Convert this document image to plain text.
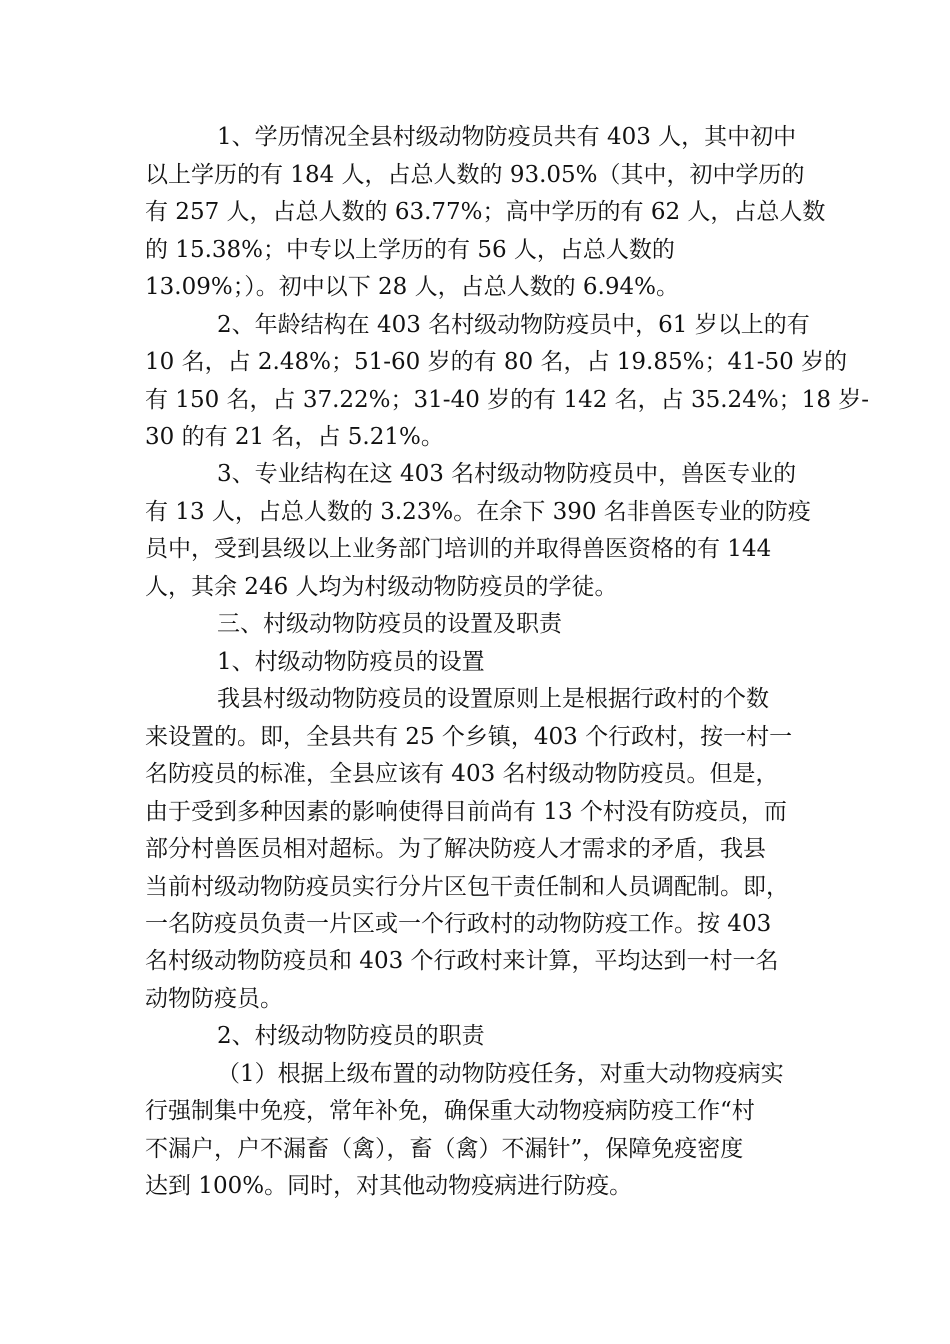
1、学历情况全县村级动物防疫员共有 403 人，其中初中

以上学历的有 184 人，占总人数的 93.05%（其中，初中学历的

有 257 人，占总人数的 63.77%；高中学历的有 62 人，占总人数

的 15.38%；中专以上学历的有 56 人，占总人数的

13.09%；）。初中以下 28 人，占总人数的 6.94%。

2、年龄结构在 403 名村级动物防疫员中，61 岁以上的有

10 名，占 2.48%；51-60 岁的有 80 名，占 19.85%；41-50 岁的

有 150 名，占 37.22%；31-40 岁的有 142 名，占 35.24%；18 岁-

30 的有 21 名，占 5.21%。

3、专业结构在这 403 名村级动物防疫员中，兽医专业的

有 13 人，占总人数的 3.23%。在余下 390 名非兽医专业的防疫

员中，受到县级以上业务部门培训的并取得兽医资格的有 144

人，其余 246 人均为村级动物防疫员的学徒。

三、村级动物防疫员的设置及职责

1、村级动物防疫员的设置

我县村级动物防疫员的设置原则上是根据行政村的个数

来设置的。即，全县共有 25 个乡镇，403 个行政村，按一村一

名防疫员的标准，全县应该有 403 名村级动物防疫员。但是，

由于受到多种因素的影响使得目前尚有 13 个村没有防疫员，而

部分村兽医员相对超标。为了解决防疫人才需求的矛盾，我县

当前村级动物防疫员实行分片区包干责任制和人员调配制。即，

一名防疫员负责一片区或一个行政村的动物防疫工作。按 403

名村级动物防疫员和 403 个行政村来计算，平均达到一村一名

动物防疫员。

2、村级动物防疫员的职责

（1）根据上级布置的动物防疫任务，对重大动物疫病实

行强制集中免疫，常年补免，确保重大动物疫病防疫工作“村

不漏户，户不漏畜（禽），畜（禽）不漏针”，保障免疫密度

达到 100%。同时，对其他动物疫病进行防疫。
